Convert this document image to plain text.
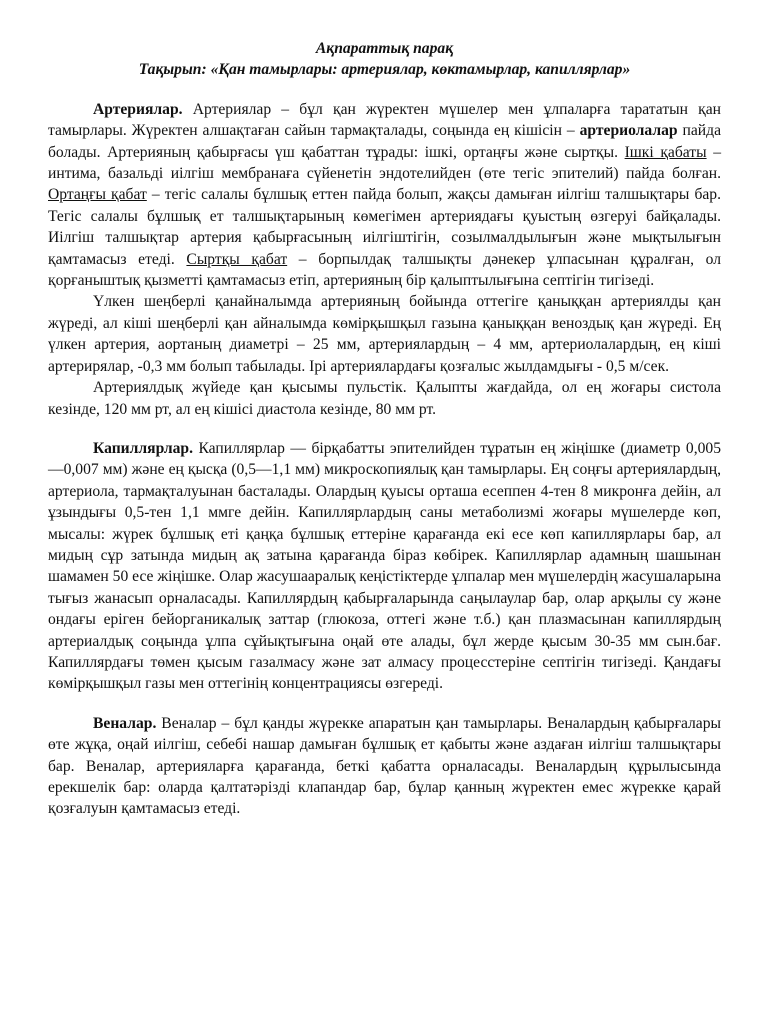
Ақпараттық парақ
Тақырып: «Қан тамырлары: артериялар, көктамырлар, капиллярлар»

Артериялар. Артериялар – бұл қан жүректен мүшелер мен ұлпаларға тарататын қан тамырлары. Жүректен алшақтаған сайын тармақталады, соңында ең кішісін – артериолалар пайда болады. Артерияның қабырғасы үш қабаттан тұрады: ішкі, ортаңғы және сыртқы. Ішкі қабаты – интима, базальді иілгіш мембранаға сүйенетін эндотелийден (өте тегіс эпителий) пайда болған. Ортаңғы қабат – тегіс салалы бұлшық еттен пайда болып, жақсы дамыған иілгіш талшықтары бар. Тегіс салалы бұлшық ет талшықтарының көмегімен артериядағы қуыстың өзгеруі байқалады. Иілгіш талшықтар артерия қабырғасының иілгіштігін, созылмалдылығын және мықтылығын қамтамасыз етеді. Сыртқы қабат – борпылдақ талшықты дәнекер ұлпасынан құралған, ол қорғаныштық қызметті қамтамасыз етіп, артерияның бір қалыптылығына септігін тигізеді.

Үлкен шеңберлі қанайналымда артерияның бойында оттегіге қаныққан артериялды қан жүреді, ал кіші шеңберлі қан айналымда көмірқышқыл газына қаныққан веноздық қан жүреді. Ең үлкен артерия, аортаның диаметрі – 25 мм, артериялардың – 4 мм, артериолалардың, ең кіші артерирялар, -0,3 мм болып табылады. Ірі артериялардағы қозғалыс жылдамдығы - 0,5 м/сек.

Артериялдық жүйеде қан қысымы пульстік. Қалыпты жағдайда, ол ең жоғары систола кезінде, 120 мм рт, ал ең кішісі диастола кезінде, 80 мм рт.

Капиллярлар. Капиллярлар — бірқабатты эпителийден тұратын ең жіңішке (диаметр 0,005—0,007 мм) және ең қысқа (0,5—1,1 мм) микроскопиялық қан тамырлары. Ең соңғы артериялардың, артериола, тармақталуынан басталады. Олардың қуысы орташа есеппен 4-тен 8 микронға дейін, ал ұзындығы 0,5-тен 1,1 ммге дейін. Капиллярлардың саны метаболизмі жоғары мүшелерде көп, мысалы: жүрек бұлшық еті қаңқа бұлшық еттеріне қарағанда екі есе көп капиллярлары бар, ал мидың сұр затында мидың ақ затына қарағанда біраз көбірек. Капиллярлар адамның шашынан шамамен 50 есе жіңішке. Олар жасушааралық кеңістіктерде ұлпалар мен мүшелердің жасушаларына тығыз жанасып орналасады. Капиллярдың қабырғаларында саңылаулар бар, олар арқылы су және ондағы еріген бейорганикалық заттар (глюкоза, оттегі және т.б.) қан плазмасынан капиллярдың артериалдық соңында ұлпа сұйықтығына оңай өте алады, бұл жерде қысым 30-35 мм сын.бағ. Капиллярдағы төмен қысым газалмасу және зат алмасу процесстеріне септігін тигізеді. Қандағы көмірқышқыл газы мен оттегінің концентрациясы өзгереді.

Веналар. Веналар – бұл қанды жүрекке апаратын қан тамырлары. Веналардың қабырғалары өте жұқа, оңай иілгіш, себебі нашар дамыған бұлшық ет қабыты және аздаған иілгіш талшықтары бар. Веналар, артерияларға қарағанда, беткі қабатта орналасады. Веналардың құрылысында ерекшелік бар: оларда қалтатәрізді клапандар бар, бұлар қанның жүректен емес жүрекке қарай қозғалуын қамтамасыз етеді.
